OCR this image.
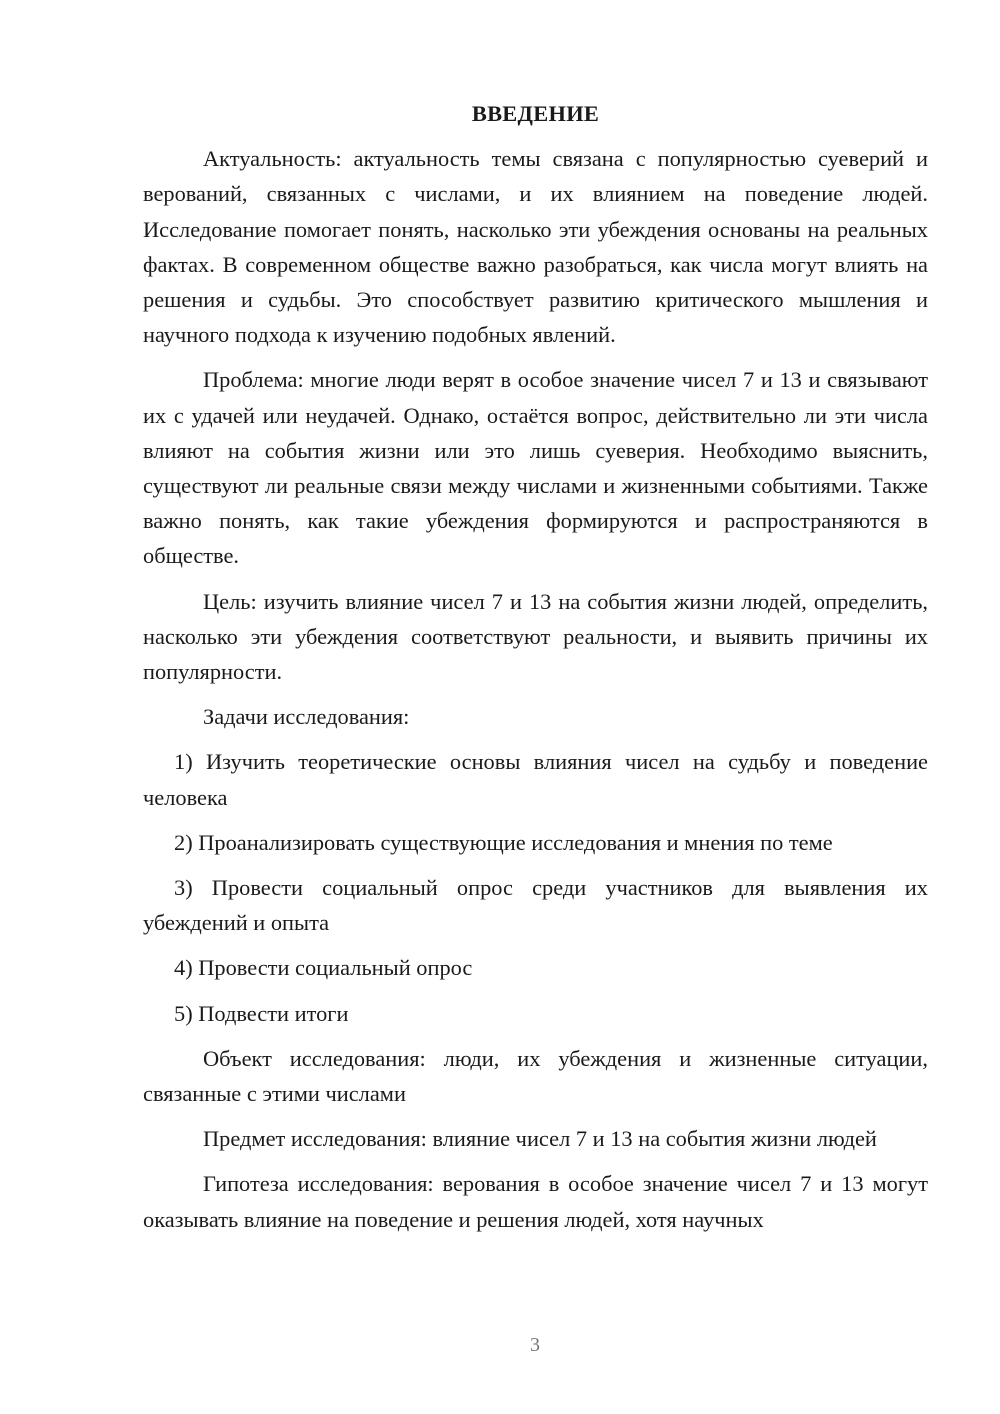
ВВЕДЕНИЕ

Актуальность: актуальность темы связана с популярностью суеверий и верований, связанных с числами, и их влиянием на поведение людей. Исследование помогает понять, насколько эти убеждения основаны на реальных фактах. В современном обществе важно разобраться, как числа могут влиять на решения и судьбы. Это способствует развитию критического мышления и научного подхода к изучению подобных явлений.

Проблема: многие люди верят в особое значение чисел 7 и 13 и связывают их с удачей или неудачей. Однако, остаётся вопрос, действительно ли эти числа влияют на события жизни или это лишь суеверия. Необходимо выяснить, существуют ли реальные связи между числами и жизненными событиями. Также важно понять, как такие убеждения формируются и распространяются в обществе.

Цель: изучить влияние чисел 7 и 13 на события жизни людей, определить, насколько эти убеждения соответствуют реальности, и выявить причины их популярности.

Задачи исследования:

1) Изучить теоретические основы влияния чисел на судьбу и поведение человека

2) Проанализировать существующие исследования и мнения по теме

3) Провести социальный опрос среди участников для выявления их убеждений и опыта

4) Провести социальный опрос

5) Подвести итоги

Объект исследования: люди, их убеждения и жизненные ситуации, связанные с этими числами

Предмет исследования: влияние чисел 7 и 13 на события жизни людей

Гипотеза исследования: верования в особое значение чисел 7 и 13 могут оказывать влияние на поведение и решения людей, хотя научных

3
